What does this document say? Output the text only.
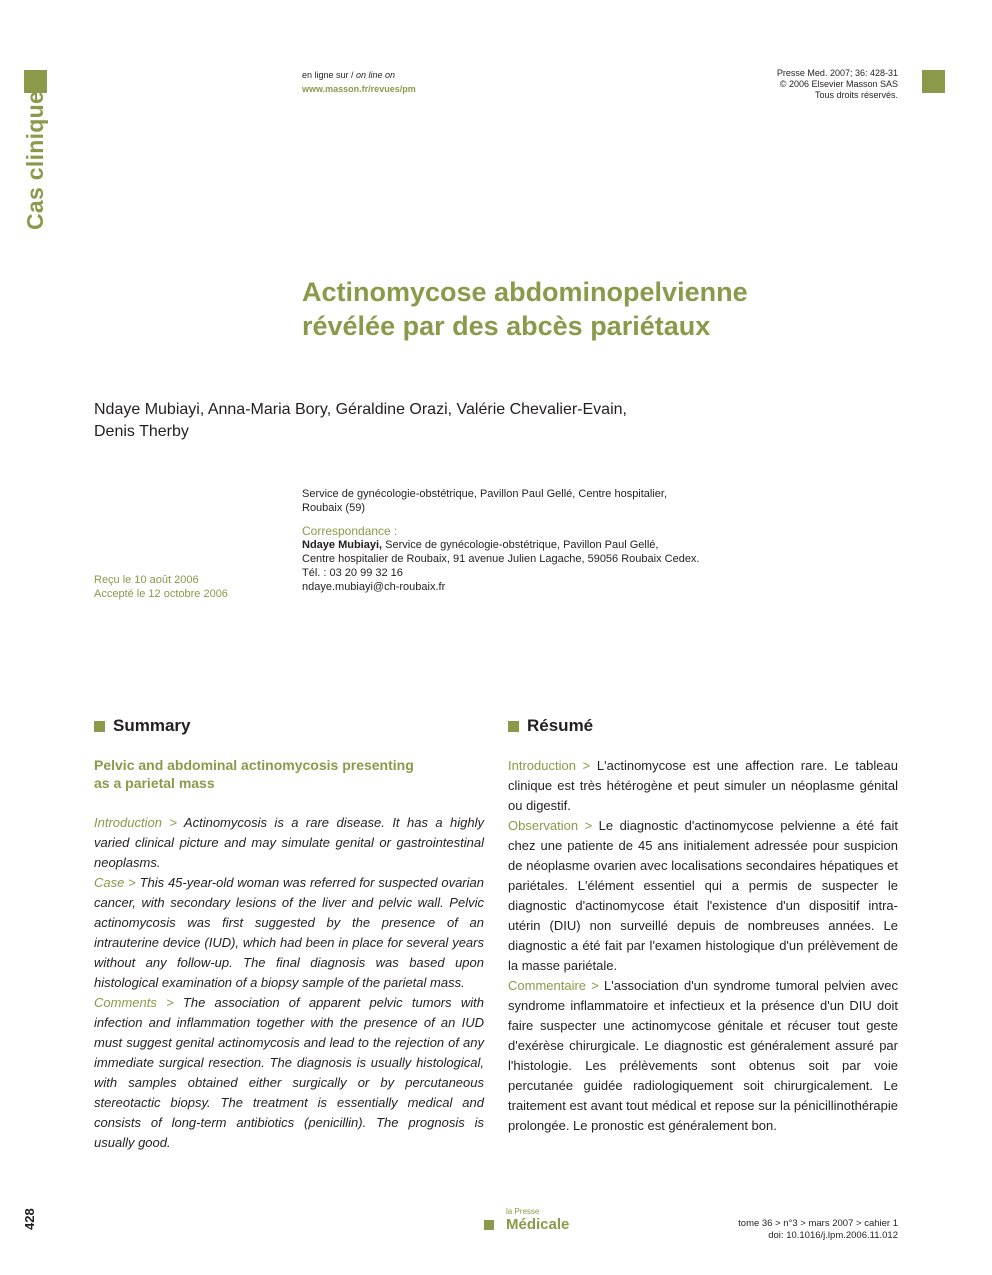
Cas clinique
en ligne sur / on line on
www.masson.fr/revues/pm
Presse Med. 2007; 36: 428-31
© 2006 Elsevier Masson SAS
Tous droits réservés.
Actinomycose abdominopelvienne
révélée par des abcès pariétaux
Ndaye Mubiayi, Anna-Maria Bory, Géraldine Orazi, Valérie Chevalier-Evain,
Denis Therby
Service de gynécologie-obstétrique, Pavillon Paul Gellé, Centre hospitalier,
Roubaix (59)
Correspondance :
Ndaye Mubiayi, Service de gynécologie-obstétrique, Pavillon Paul Gellé,
Centre hospitalier de Roubaix, 91 avenue Julien Lagache, 59056 Roubaix Cedex.
Tél. : 03 20 99 32 16
ndaye.mubiayi@ch-roubaix.fr
Reçu le 10 août 2006
Accepté le 12 octobre 2006
Summary	Résumé
Pelvic and abdominal actinomycosis presenting
as a parietal mass
Introduction > Actinomycosis is a rare disease. It has a highly varied clinical picture and may simulate genital or gastrointestinal neoplasms.
Case > This 45-year-old woman was referred for suspected ovarian cancer, with secondary lesions of the liver and pelvic wall. Pelvic actinomycosis was first suggested by the presence of an intrauterine device (IUD), which had been in place for several years without any follow-up. The final diagnosis was based upon histological examination of a biopsy sample of the parietal mass.
Comments > The association of apparent pelvic tumors with infection and inflammation together with the presence of an IUD must suggest genital actinomycosis and lead to the rejection of any immediate surgical resection. The diagnosis is usually histological, with samples obtained either surgically or by percutaneous stereotactic biopsy. The treatment is essentially medical and consists of long-term antibiotics (penicillin). The prognosis is usually good.
Introduction > L'actinomycose est une affection rare. Le tableau clinique est très hétérogène et peut simuler un néoplasme génital ou digestif.
Observation > Le diagnostic d'actinomycose pelvienne a été fait chez une patiente de 45 ans initialement adressée pour suspicion de néoplasme ovarien avec localisations secondaires hépatiques et pariétales. L'élément essentiel qui a permis de suspecter le diagnostic d'actinomycose était l'existence d'un dispositif intra-utérin (DIU) non surveillé depuis de nombreuses années. Le diagnostic a été fait par l'examen histologique d'un prélèvement de la masse pariétale.
Commentaire > L'association d'un syndrome tumoral pelvien avec syndrome inflammatoire et infectieux et la présence d'un DIU doit faire suspecter une actinomycose génitale et récuser tout geste d'exérèse chirurgicale. Le diagnostic est généralement assuré par l'histologie. Les prélèvements sont obtenus soit par voie percutanée guidée radiologiquement soit chirurgicalement. Le traitement est avant tout médical et repose sur la pénicillinothérapie prolongée. Le pronostic est généralement bon.
428	la Presse
Médicale	tome 36 > n°3 > mars 2007 > cahier 1
doi: 10.1016/j.lpm.2006.11.012
